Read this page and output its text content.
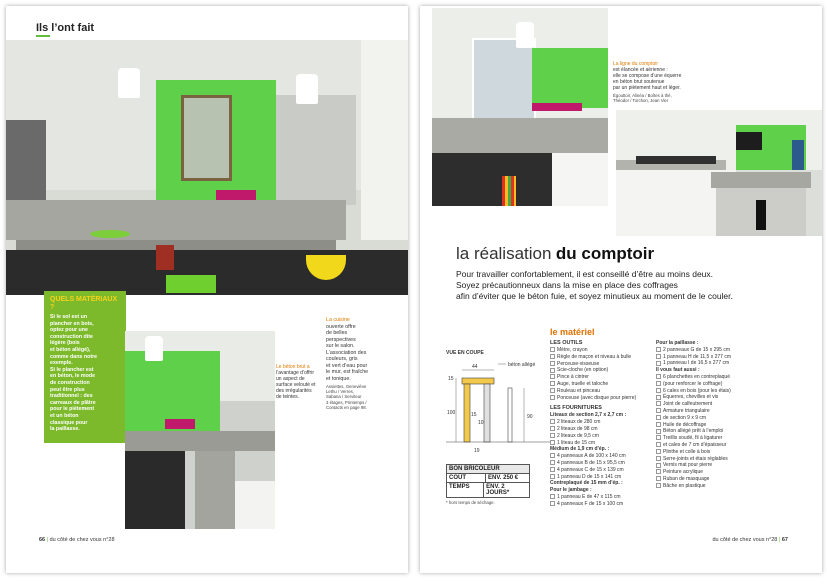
Ils l’ont fait
QUELS MATÉRIAUX ?
Si le sol est un
plancher en bois,
optez pour une
construction dite
légère (bois
et béton allégé),
comme dans notre
exemple.
Si le plancher est
en béton, le mode
de construction
peut être plus
traditionnel : des
carreaux de plâtre
pour le piètement
et un béton
classique pour
la paillasse.
Le béton brut a
l’avantage d’offrir
un aspect de
surface velouté et
des irrégularités
de teintes.
La cuisine
ouverte offre
de belles
perspectives
sur le salon.
L’association des
couleurs, gris
et vert d’eau pour
le mur, est fraîche
et tonique.
Assiettes, Geneviève
Lethu / Verres,
Sabana / Serviteur
3 étages, Printemps /
Contacts en page 98.
66 | du côté de chez vous n°28
La ligne du comptoir
est élancée et aérienne :
elle se compose d’une équerre
en béton brut soutenue
par un piètement haut et léger.
Égouttoir, Alinéa / Boîtes à thé,
Théodor / Torchon, Jean Vier
la réalisation du comptoir
Pour travailler confortablement, il est conseillé d’être au moins deux.
Soyez précautionneux dans la mise en place des coffrages
afin d’éviter que le béton fuie, et soyez minutieux au moment de le couler.
le matériel
VUE EN COUPE
44
15
100	15
10
90
19
béton allégé
BON BRICOLEUR
COÛT	ENV. 250 €
TEMPS	ENV. 2 JOURS*
* hors temps de séchage.
LES OUTILS
Mètre, crayon
Règle de maçon et niveau à bulle
Perceuse-visseuse
Scie-cloche (en option)
Pince à cintrer
Auge, truelle et taloche
Rouleau et pinceau
Ponceuse (avec disque pour pierre)
LES FOURNITURES
Liteaux de section 2,7 x 2,7 cm :
2 liteaux de 280 cm
2 liteaux de 98 cm
2 liteaux de 9,5 cm
1 liteau de 15 cm
Médium de 1,9 cm d’ép. :
4 panneaux A de 100 x 140 cm
4 panneaux B de 15 x 95,5 cm
4 panneaux C de 15 x 139 cm
1 panneau D de 15 x 141 cm
Contreplaqué de 15 mm d’ép. :
Pour le jambage :
1 panneau E de 47 x 115 cm
4 panneaux F de 15 x 100 cm
Pour la paillasse :
2 panneaux G de 15 x 295 cm
1 panneau H de 11,5 x 277 cm
1 panneau I de 16,5 x 277 cm
Il vous faut aussi :
6 planchettes en contreplaqué
(pour renforcer le coffrage)
6 cales en bois (pour les étais)
Équerres, chevilles et vis
Joint de calfeutrement
Armature triangulaire
de section 9 x 9 cm
Huile de décoffrage
Béton allégé prêt à l’emploi
Treillis soudé, fil à ligaturer
et cales de 7 cm d’épaisseur
Plinthe et colle à bois
Serre-joints et étais réglables
Vernis mat pour pierre
Peinture acrylique
Ruban de masquage
Bâche en plastique
du côté de chez vous n°28 | 67
